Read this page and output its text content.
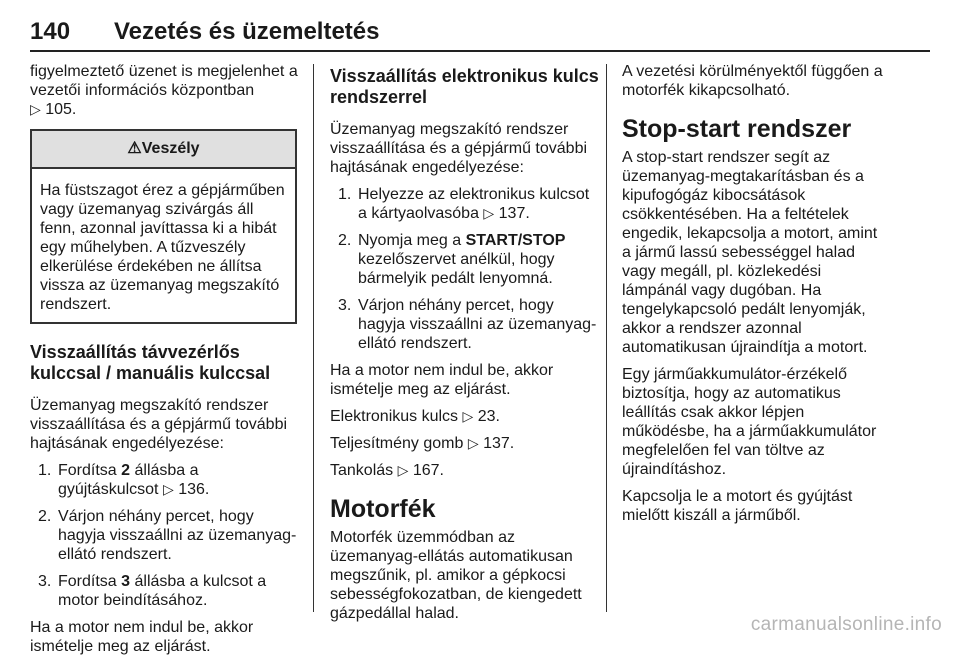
140 Vezetés és üzemeltetés

figyelmeztető üzenet is megjelenhet a
vezetői információs központban
▷ 105.

⚠Veszély
Ha füstszagot érez a gépjárműben
vagy üzemanyag szivárgás áll
fenn, azonnal javíttassa ki a hibát
egy műhelyben. A tűzveszély
elkerülése érdekében ne állítsa
vissza az üzemanyag megszakító
rendszert.
Visszaállítás távvezérlős
kulccsal / manuális kulccsal

Üzemanyag megszakító rendszer
visszaállítása és a gépjármű további
hajtásának engedélyezése:

1. Fordítsa 2 állásba a
gyújtáskulcsot ▷ 136.
2. Várjon néhány percet, hogy
hagyja visszaállni az üzemanyag-
ellátó rendszert.
3. Fordítsa 3 állásba a kulcsot a
motor beindításához.

Ha a motor nem indul be, akkor
ismételje meg az eljárást.

Visszaállítás elektronikus kulcs
rendszerrel

Üzemanyag megszakító rendszer
visszaállítása és a gépjármű további
hajtásának engedélyezése:

1. Helyezze az elektronikus kulcsot
a kártyaolvasóba ▷ 137.
2. Nyomja meg a START/STOP
kezelőszervet anélkül, hogy
bármelyik pedált lenyomná.
3. Várjon néhány percet, hogy
hagyja visszaállni az üzemanyag-
ellátó rendszert.

Ha a motor nem indul be, akkor
ismételje meg az eljárást.

Elektronikus kulcs ▷ 23.

Teljesítmény gomb ▷ 137.

Tankolás ▷ 167.

Motorfék

Motorfék üzemmódban az
üzemanyag-ellátás automatikusan
megszűnik, pl. amikor a gépkocsi
sebességfokozatban, de kiengedett
gázpedállal halad.

A vezetési körülményektől függően a
motorfék kikapcsolható.

Stop-start rendszer

A stop-start rendszer segít az
üzemanyag-megtakarításban és a
kipufogógáz kibocsátások
csökkentésében. Ha a feltételek
engedik, lekapcsolja a motort, amint
a jármű lassú sebességgel halad
vagy megáll, pl. közlekedési
lámpánál vagy dugóban. Ha
tengelykapcsoló pedált lenyomják,
akkor a rendszer azonnal
automatikusan újraindítja a motort.

Egy járműakkumulátor-érzékelő
biztosítja, hogy az automatikus
leállítás csak akkor lépjen
működésbe, ha a járműakkumulátor
megfelelően fel van töltve az
újraindításhoz.

Kapcsolja le a motort és gyújtást
mielőtt kiszáll a járműből.

carmanualsonline.info
